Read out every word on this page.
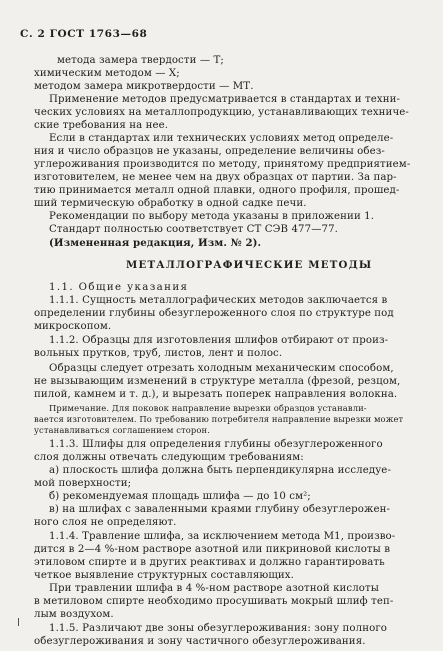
С. 2 ГОСТ 1763—68
метода замера твердости — Т;
химическим методом — Х;
методом замера микротвердости — МТ.
Применение методов предусматривается в стандартах и техни-
ческих условиях на металлопродукцию, устанавливающих техниче-
ские требования на нее.
Если в стандартах или технических условиях метод определе-
ния и число образцов не указаны, определение величины обез-
углероживания производится по методу, принятому предприятием-
изготовителем, не менее чем на двух образцах от партии. За пар-
тию принимается металл одной плавки, одного профиля, прошед-
ший термическую обработку в одной садке печи.
Рекомендации по выбору метода указаны в приложении 1.
Стандарт полностью соответствует СТ СЭВ 477—77.
(Измененная редакция, Изм. № 2).
МЕТАЛЛОГРАФИЧЕСКИЕ МЕТОДЫ
1.1. Общие указания
1.1.1. Сущность металлографических методов заключается в
определении глубины обезуглероженного слоя по структуре под
микроскопом.
1.1.2. Образцы для изготовления шлифов отбирают от произ-
вольных прутков, труб, листов, лент и полос.
Образцы следует отрезать холодным механическим способом,
не вызывающим изменений в структуре металла (фрезой, резцом,
пилой, камнем и т. д.), и вырезать поперек направления волокна.
Примечание. Для поковок направление вырезки образцов устанавли-
вается изготовителем. По требованию потребителя направление вырезки может
устанавливаться соглашением сторон.
1.1.3. Шлифы для определения глубины обезуглероженного
слоя должны отвечать следующим требованиям:
а) плоскость шлифа должна быть перпендикулярна исследуе-
мой поверхности;
б) рекомендуемая площадь шлифа — до 10 см²;
в) на шлифах с заваленными краями глубину обезуглерожен-
ного слоя не определяют.
1.1.4. Травление шлифа, за исключением метода М1, произво-
дится в 2—4 %-ном растворе азотной или пикриновой кислоты в
этиловом спирте и в других реактивах и должно гарантировать
четкое выявление структурных составляющих.
При травлении шлифа в 4 %-ном растворе азотной кислоты
в метиловом спирте необходимо просушивать мокрый шлиф теп-
лым воздухом.
1.1.5. Различают две зоны обезуглероживания: зону полного
обезуглероживания и зону частичного обезуглероживания.
